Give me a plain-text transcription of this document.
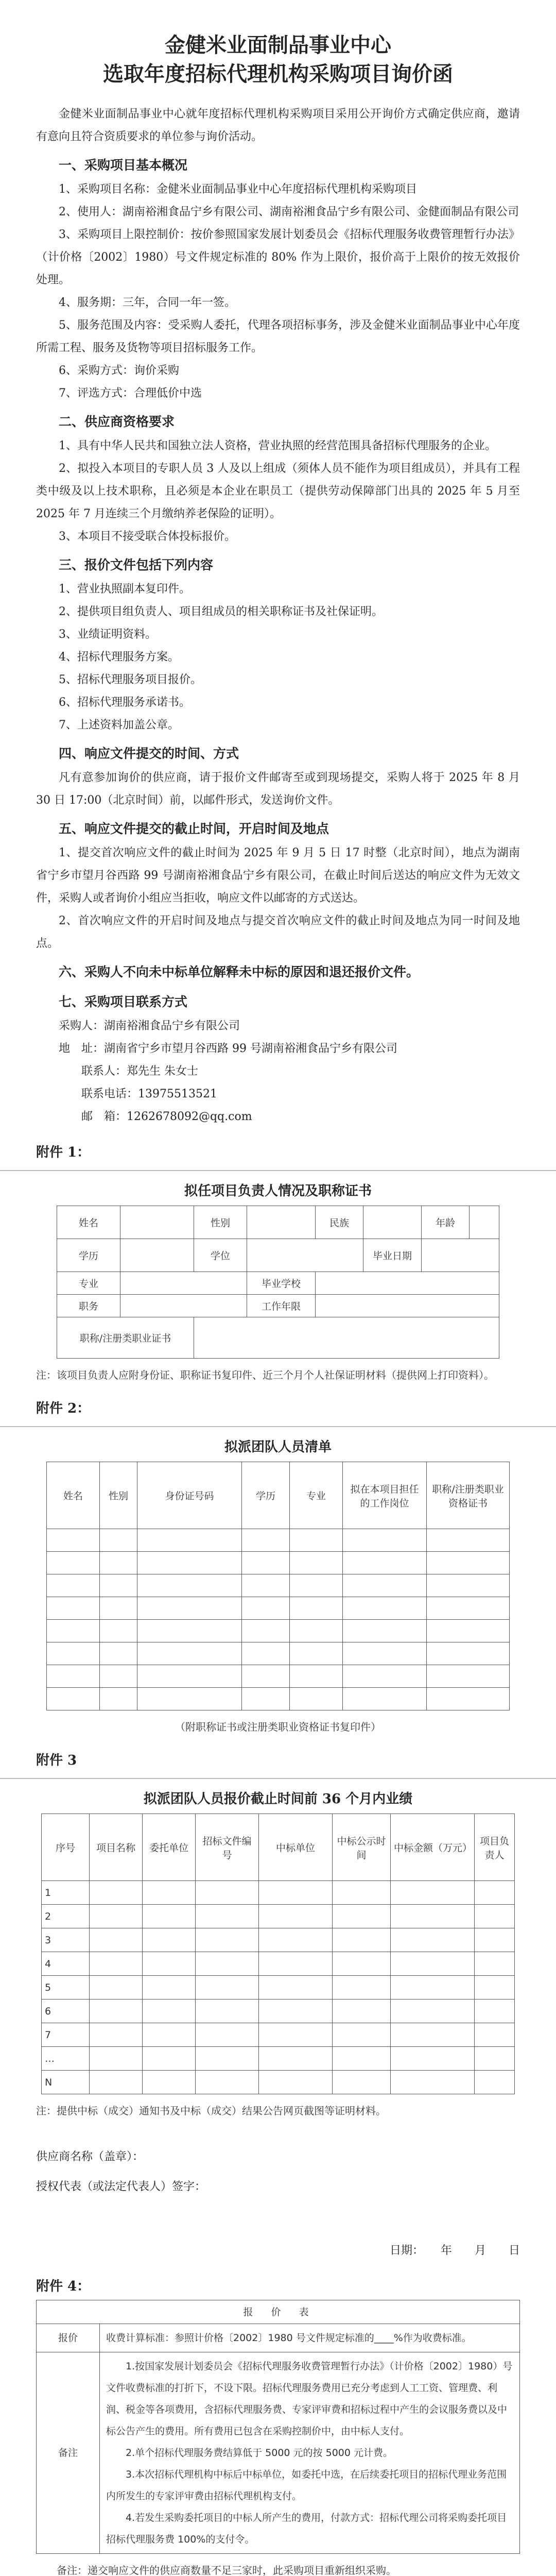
金健米业面制品事业中心
选取年度招标代理机构采购项目询价函
金健米业面制品事业中心就年度招标代理机构采购项目采用公开询价方式确定供应商，邀请有意向且符合资质要求的单位参与询价活动。
一、采购项目基本概况
1、采购项目名称：金健米业面制品事业中心年度招标代理机构采购项目
2、使用人：湖南裕湘食品宁乡有限公司、湖南裕湘食品宁乡有限公司、金健面制品有限公司
3、采购项目上限控制价：按价参照国家发展计划委员会《招标代理服务收费管理暂行办法》（计价格〔2002〕1980）号文件规定标准的 80% 作为上限价，报价高于上限价的按无效报价处理。
4、服务期：三年，合同一年一签。
5、服务范围及内容：受采购人委托，代理各项招标事务，涉及金健米业面制品事业中心年度所需工程、服务及货物等项目招标服务工作。
6、采购方式：询价采购
7、评选方式：合理低价中选
二、供应商资格要求
1、具有中华人民共和国独立法人资格，营业执照的经营范围具备招标代理服务的企业。
2、拟投入本项目的专职人员 3 人及以上组成（须体人员不能作为项目组成员），并具有工程类中级及以上技术职称，且必须是本企业在职员工（提供劳动保障部门出具的 2025 年 5 月至 2025 年 7 月连续三个月缴纳养老保险的证明）。
3、本项目不接受联合体投标报价。
三、报价文件包括下列内容
1、营业执照副本复印件。
2、提供项目组负责人、项目组成员的相关职称证书及社保证明。
3、业绩证明资料。
4、招标代理服务方案。
5、招标代理服务项目报价。
6、招标代理服务承诺书。
7、上述资料加盖公章。
四、响应文件提交的时间、方式
凡有意参加询价的供应商，请于报价文件邮寄至或到现场提交，采购人将于 2025 年 8 月 30 日 17:00（北京时间）前，以邮件形式，发送询价文件。
五、响应文件提交的截止时间，开启时间及地点
1、提交首次响应文件的截止时间为 2025 年 9 月 5 日 17 时整（北京时间），地点为湖南省宁乡市望月谷西路 99 号湖南裕湘食品宁乡有限公司，在截止时间后送达的响应文件为无效文件，采购人或者询价小组应当拒收，响应文件以邮寄的方式送达。
2、首次响应文件的开启时间及地点与提交首次响应文件的截止时间及地点为同一时间及地点。
六、采购人不向未中标单位解释未中标的原因和退还报价文件。
七、采购项目联系方式
采购人：湖南裕湘食品宁乡有限公司
地　址：湖南省宁乡市望月谷西路 99 号湖南裕湘食品宁乡有限公司
联系人：郑先生 朱女士
联系电话：13975513521
邮　箱：1262678092@qq.com
附件 1：
拟任项目负责人情况及职称证书
姓名		性别		民族		年龄	
学历		学位			毕业日期		
专业			毕业学校				
职务			工作年限				
职称/注册类职业证书							
注：该项目负责人应附身份证、职称证书复印件、近三个月个人社保证明材料（提供网上打印资料）。
附件 2：
拟派团队人员清单
姓名	性别	身份证号码	学历	专业	拟在本项目担任的工作岗位	职称/注册类职业资格证书

（附职称证书或注册类职业资格证书复印件）
附件 3
拟派团队人员报价截止时间前 36 个月内业绩
序号	项目名称	委托单位	招标文件编号	中标单位	中标公示时间	中标金额（万元）	项目负责人
1							
2							
3							
4							
5							
6							
7							
…							
N							
注：提供中标（成交）通知书及中标（成交）结果公告网页截图等证明材料。
供应商名称（盖章）：
授权代表（或法定代表人）签字：
日期：　　年　　月　　日
附件 4：
报　价　表	
报价	收费计算标准：参照计价格〔2002〕1980 号文件规定标准的____%作为收费标准。
备注	1.按国家发展计划委员会《招标代理服务收费管理暂行办法》（计价格〔2002〕1980）号文件收费标准的打折下，不设下限。招标代理服务费用已充分考虑到人工工资、管理费、利润、税金等各项费用，含招标代理服务费、专家评审费和招标过程中产生的会议服务费以及中标公告产生的费用。所有费用已包含在采购控制价中，由中标人支付。
2.单个招标代理服务费结算低于 5000 元的按 5000 元计费。
3.本次招标代理机构中标后中标单位，如委托中选，在后续委托项目的招标代理业务范围内所发生的专家评审费由招标代理机构支付。
4.若发生采购委托项目的中标人所产生的费用，付款方式：招标代理公司将采购委托项目招标代理服务费 100%的支付令。
备注：递交响应文件的供应商数量不足三家时，此采购项目重新组织采购。
